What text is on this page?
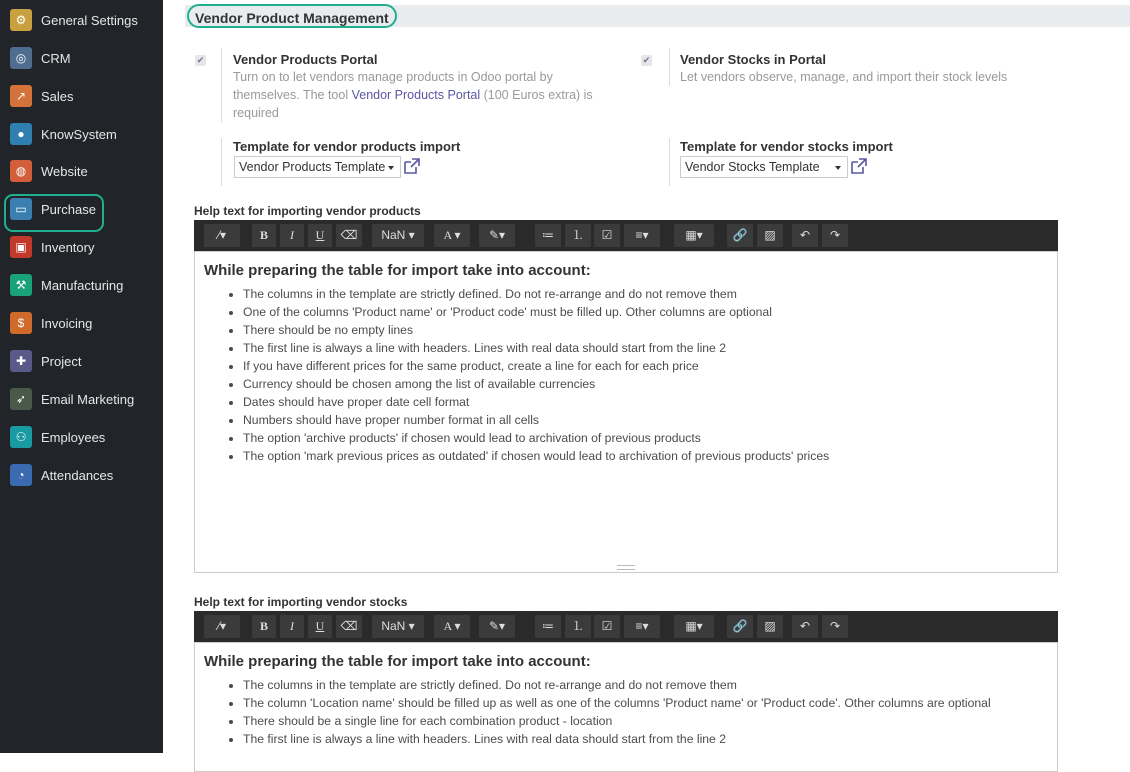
⚙	General Settings
◎	CRM
↗	Sales
●	KnowSystem
◍	Website
▭	Purchase
▣	Inventory
⚒	Manufacturing
$	Invoicing
✚	Project
➶	Email Marketing
⚇	Employees
◔	Attendances
Vendor Product Management
✔ Vendor Products Portal
Turn on to let vendors manage products in Odoo portal by themselves. The tool Vendor Products Portal (100 Euros extra) is required
Template for vendor products import
Vendor Products Template
✔ Vendor Stocks in Portal
Let vendors observe, manage, and import their stock levels
Template for vendor stocks import
Vendor Stocks Template
Help text for importing vendor products
⁄▾	B	I	U	⌫	NaN ▾	A ▾	✎▾	≔	⒈	☑	≡▾	▦▾	🔗	▨	↶	↷
While preparing the table for import take into account:
• The columns in the template are strictly defined. Do not re-arrange and do not remove them
• One of the columns 'Product name' or 'Product code' must be filled up. Other columns are optional
• There should be no empty lines
• The first line is always a line with headers. Lines with real data should start from the line 2
• If you have different prices for the same product, create a line for each for each price
• Currency should be chosen among the list of available currencies
• Dates should have proper date cell format
• Numbers should have proper number format in all cells
• The option 'archive products' if chosen would lead to archivation of previous products
• The option 'mark previous prices as outdated' if chosen would lead to archivation of previous products' prices
Help text for importing vendor stocks
⁄▾	B	I	U	⌫	NaN ▾	A ▾	✎▾	≔	⒈	☑	≡▾	▦▾	🔗	▨	↶	↷
While preparing the table for import take into account:
• The columns in the template are strictly defined. Do not re-arrange and do not remove them
• The column 'Location name' should be filled up as well as one of the columns 'Product name' or 'Product code'. Other columns are optional
• There should be a single line for each combination product - location
• The first line is always a line with headers. Lines with real data should start from the line 2
